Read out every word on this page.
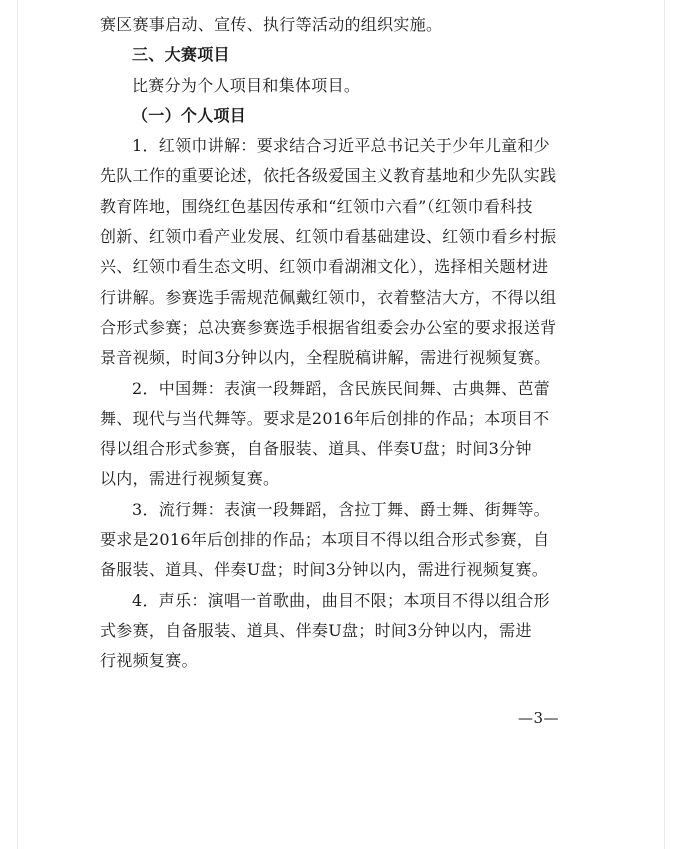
赛区赛事启动、宣传、执行等活动的组织实施。
三、大赛项目
比赛分为个人项目和集体项目。
（一）个人项目
1．红领巾讲解：要求结合习近平总书记关于少年儿童和少
先队工作的重要论述，依托各级爱国主义教育基地和少先队实践
教育阵地，围绕红色基因传承和“红领巾六看”（红领巾看科技
创新、红领巾看产业发展、红领巾看基础建设、红领巾看乡村振
兴、红领巾看生态文明、红领巾看湖湘文化），选择相关题材进
行讲解。参赛选手需规范佩戴红领巾，衣着整洁大方，不得以组
合形式参赛；总决赛参赛选手根据省组委会办公室的要求报送背
景音视频，时间3分钟以内，全程脱稿讲解，需进行视频复赛。
2．中国舞：表演一段舞蹈，含民族民间舞、古典舞、芭蕾
舞、现代与当代舞等。要求是2016年后创排的作品；本项目不
得以组合形式参赛，自备服装、道具、伴奏U盘；时间3分钟
以内，需进行视频复赛。
3．流行舞：表演一段舞蹈，含拉丁舞、爵士舞、街舞等。
要求是2016年后创排的作品；本项目不得以组合形式参赛，自
备服装、道具、伴奏U盘；时间3分钟以内，需进行视频复赛。
4．声乐：演唱一首歌曲，曲目不限；本项目不得以组合形
式参赛，自备服装、道具、伴奏U盘；时间3分钟以内，需进
行视频复赛。
—3—
